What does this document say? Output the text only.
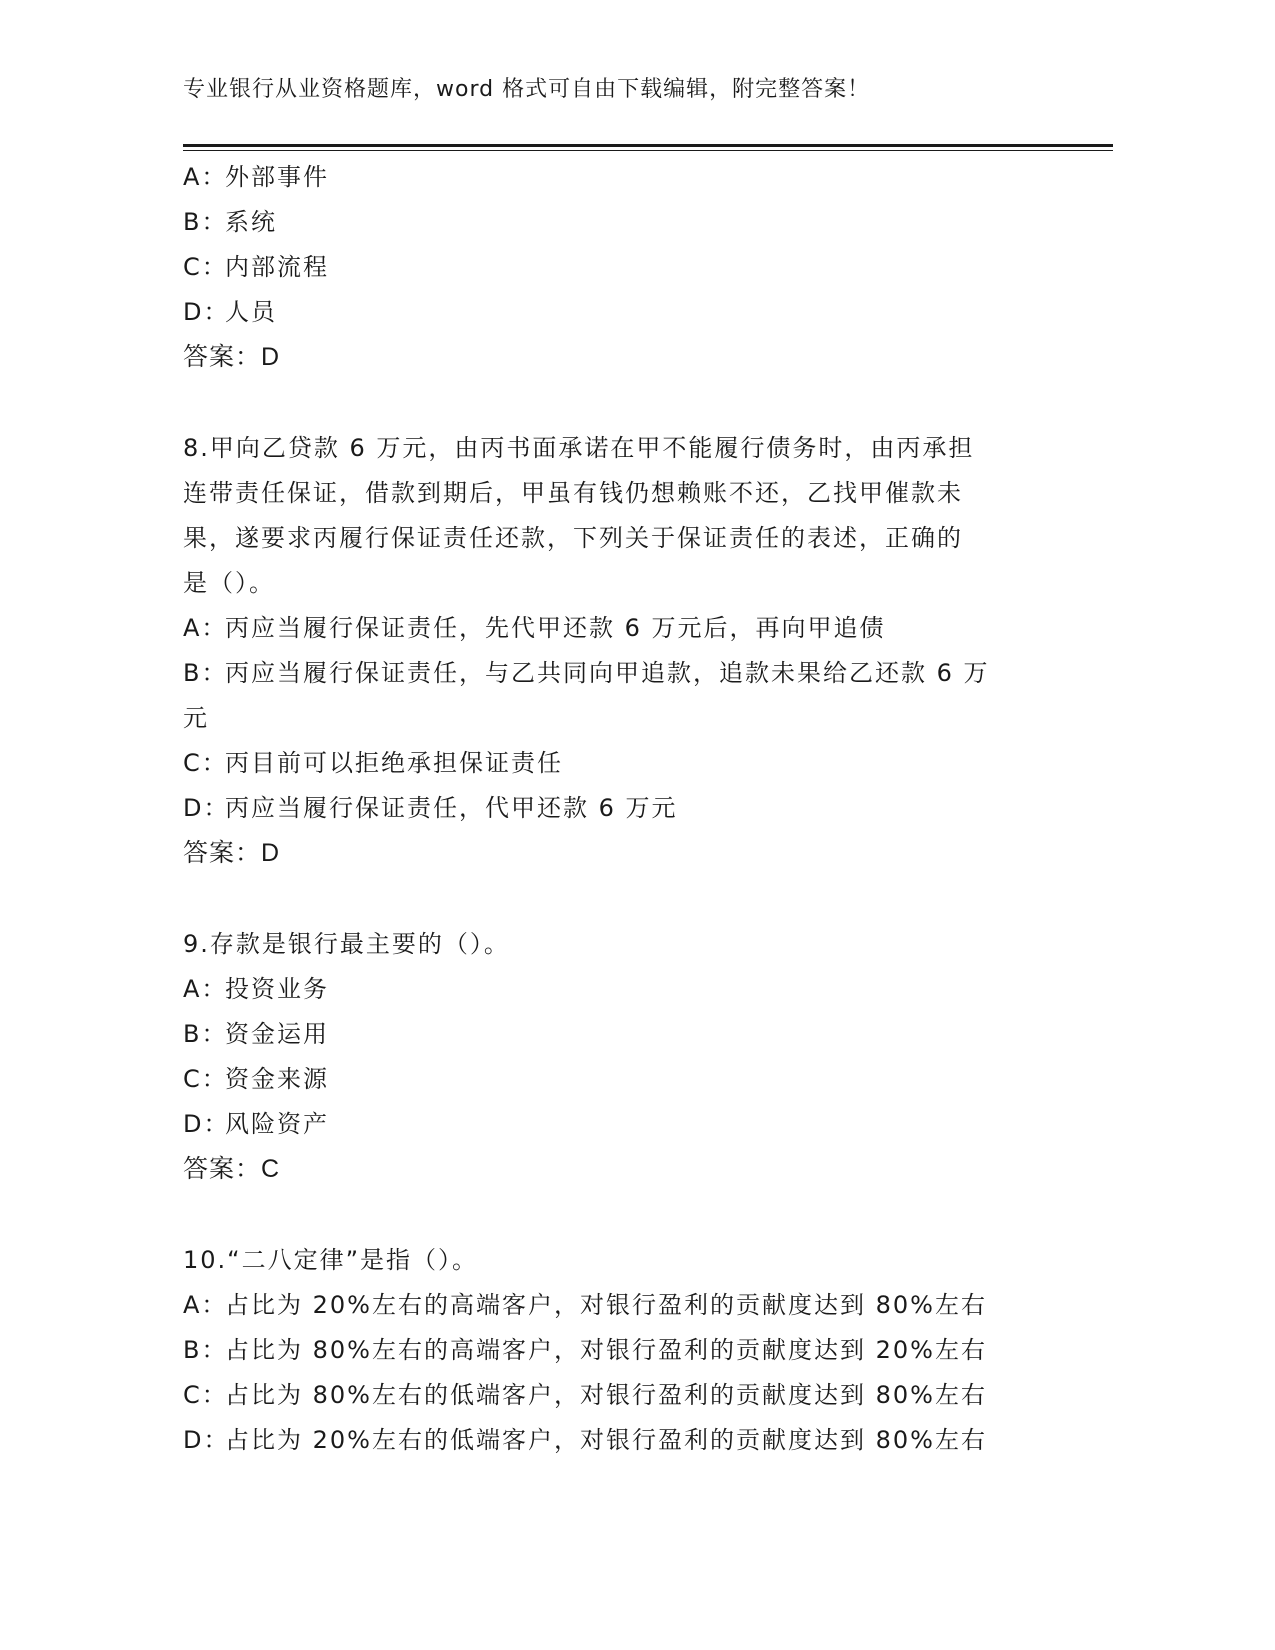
专业银行从业资格题库，word 格式可自由下载编辑，附完整答案！
A：外部事件
B：系统
C：内部流程
D：人员
答案：D
8.甲向乙贷款 6 万元，由丙书面承诺在甲不能履行债务时，由丙承担
连带责任保证，借款到期后，甲虽有钱仍想赖账不还，乙找甲催款未
果，遂要求丙履行保证责任还款，下列关于保证责任的表述，正确的
是（）。
A：丙应当履行保证责任，先代甲还款 6 万元后，再向甲追债
B：丙应当履行保证责任，与乙共同向甲追款，追款未果给乙还款 6 万
元
C：丙目前可以拒绝承担保证责任
D：丙应当履行保证责任，代甲还款 6 万元
答案：D
9.存款是银行最主要的（）。
A：投资业务
B：资金运用
C：资金来源
D：风险资产
答案：C
10.“二八定律”是指（）。
A：占比为 20%左右的高端客户，对银行盈利的贡献度达到 80%左右
B：占比为 80%左右的高端客户，对银行盈利的贡献度达到 20%左右
C：占比为 80%左右的低端客户，对银行盈利的贡献度达到 80%左右
D：占比为 20%左右的低端客户，对银行盈利的贡献度达到 80%左右
